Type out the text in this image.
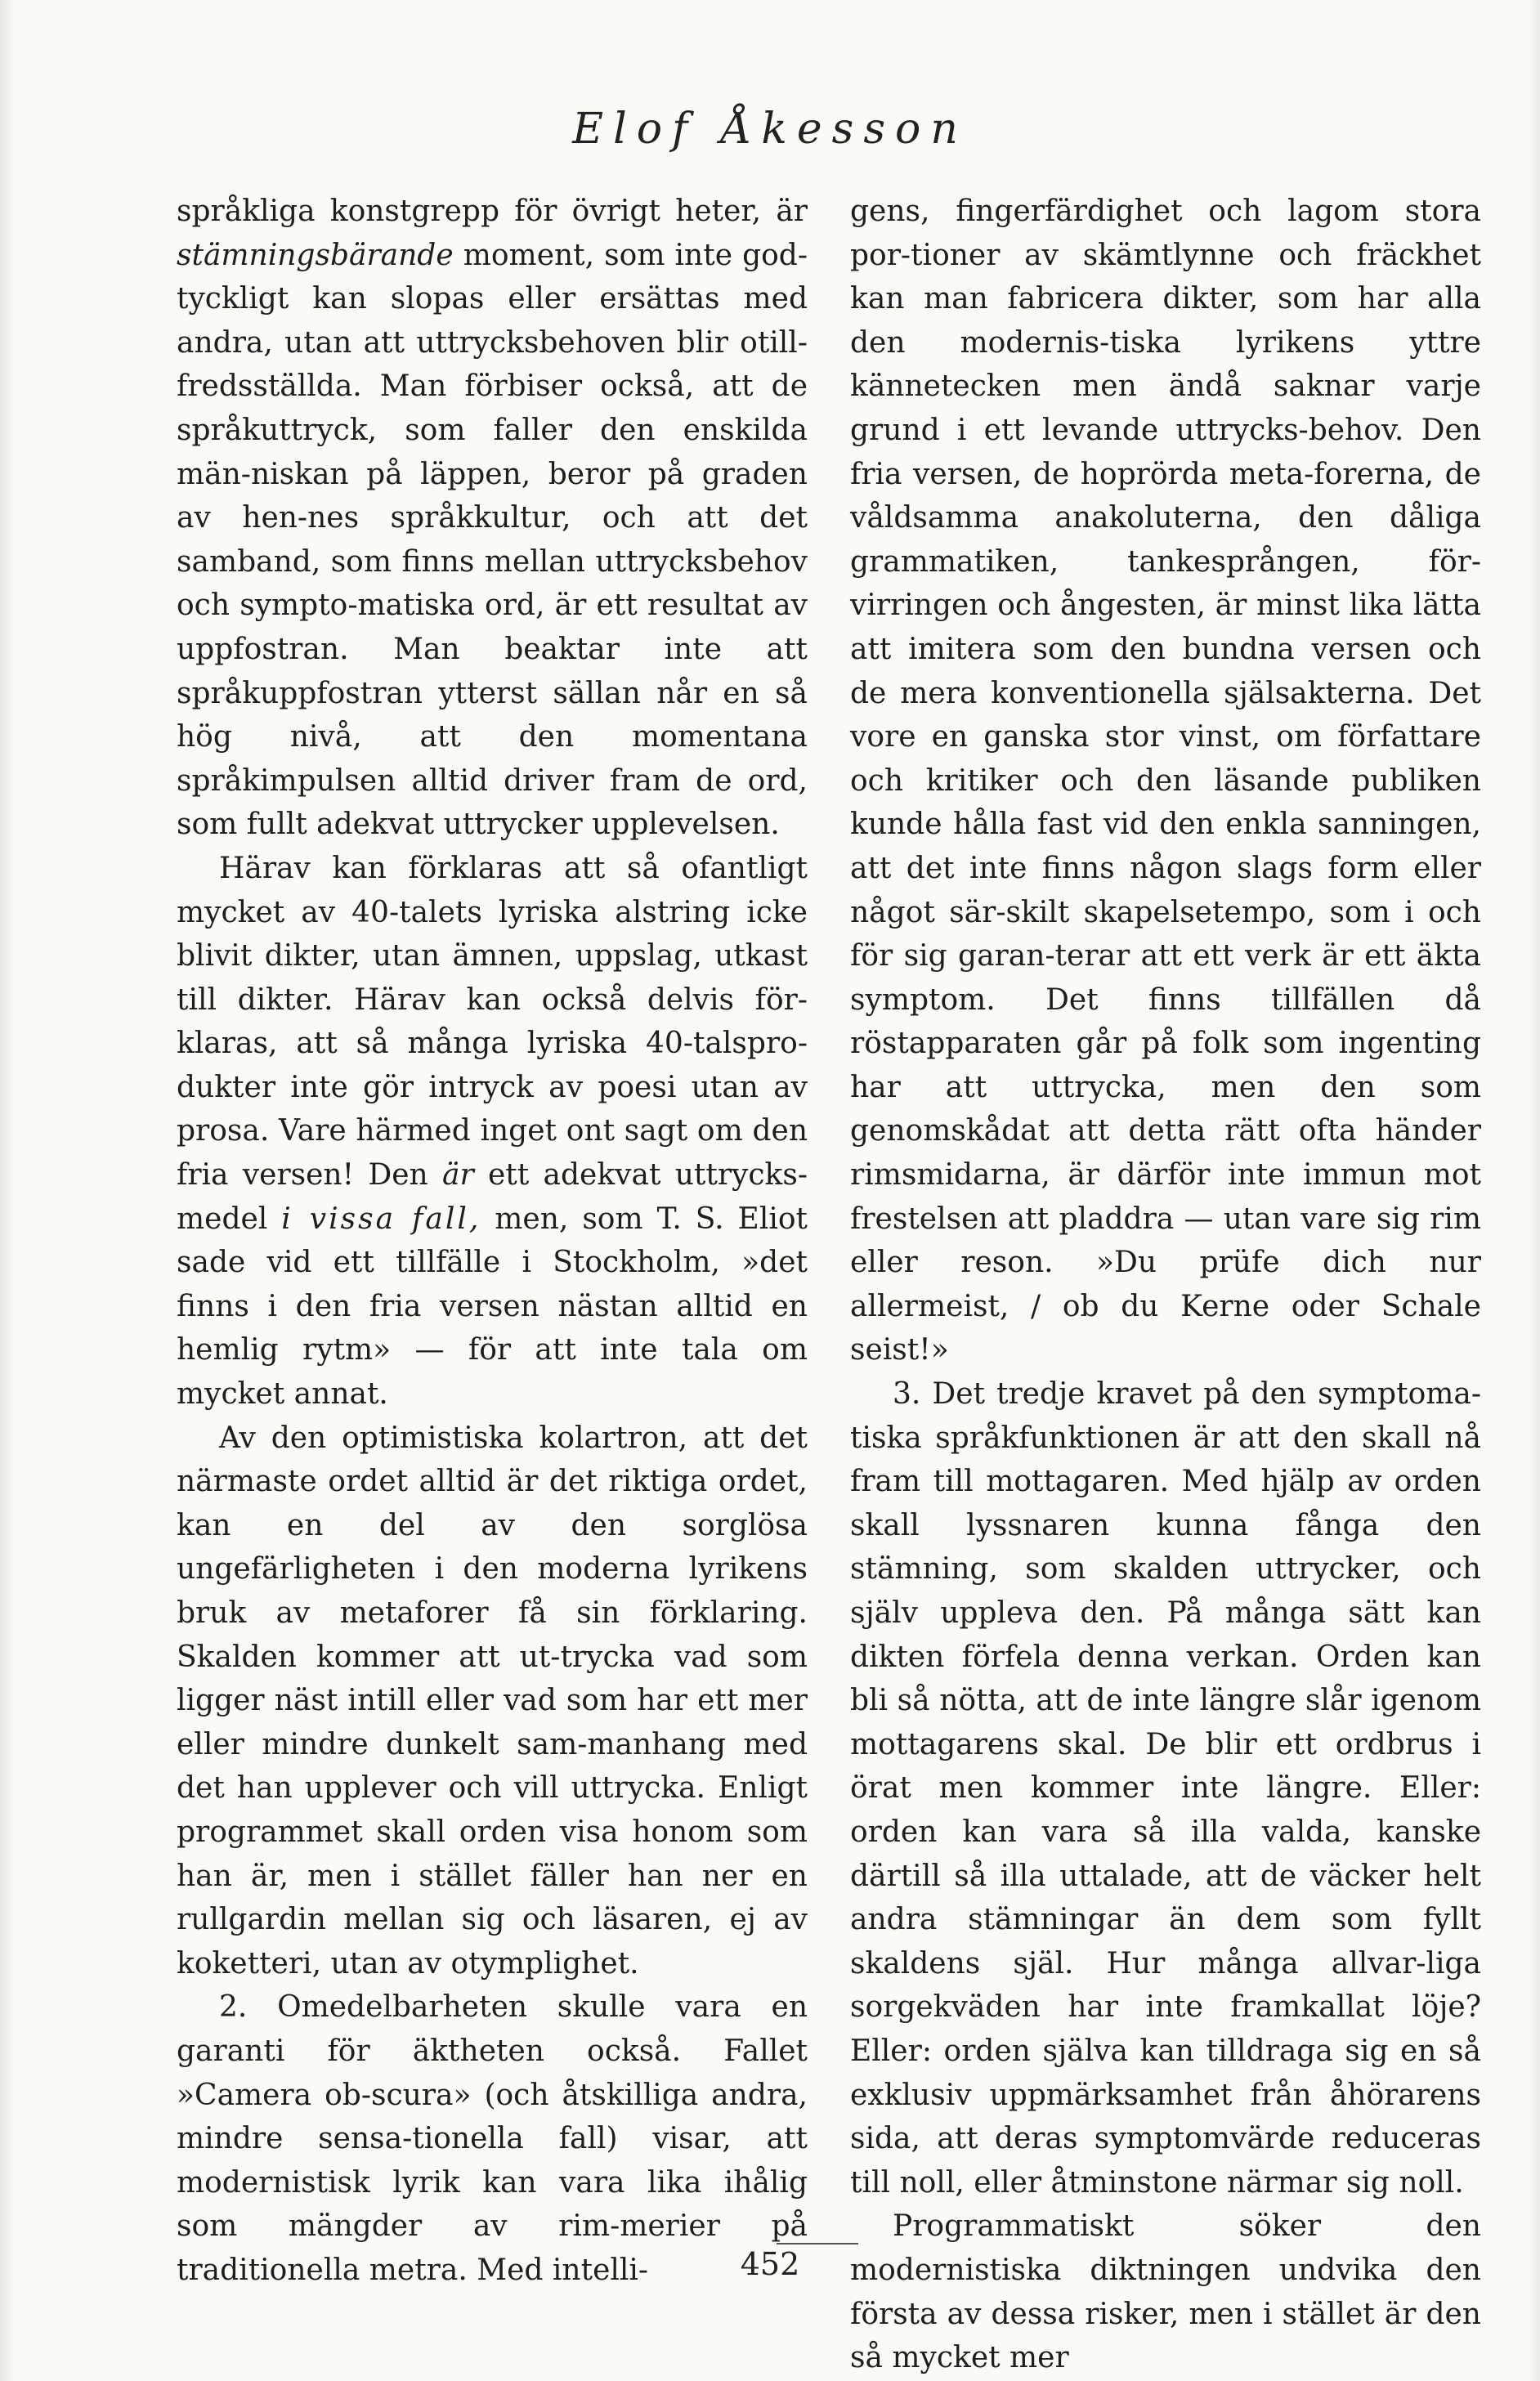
Elof Åkesson

språkliga konstgrepp för övrigt heter, är stämningsbärande moment, som inte god-tyckligt kan slopas eller ersättas med andra, utan att uttrycksbehoven blir otill-fredsställda. Man förbiser också, att de språkuttryck, som faller den enskilda män-niskan på läppen, beror på graden av hen-nes språkkultur, och att det samband, som finns mellan uttrycksbehov och sympto-matiska ord, är ett resultat av uppfostran. Man beaktar inte att språkuppfostran ytterst sällan når en så hög nivå, att den momentana språkimpulsen alltid driver fram de ord, som fullt adekvat uttrycker upplevelsen.

Härav kan förklaras att så ofantligt mycket av 40-talets lyriska alstring icke blivit dikter, utan ämnen, uppslag, utkast till dikter. Härav kan också delvis för-klaras, att så många lyriska 40-talspro-dukter inte gör intryck av poesi utan av prosa. Vare härmed inget ont sagt om den fria versen! Den är ett adekvat uttrycks-medel i vissa fall, men, som T. S. Eliot sade vid ett tillfälle i Stockholm, »det finns i den fria versen nästan alltid en hemlig rytm» — för att inte tala om mycket annat.

Av den optimistiska kolartron, att det närmaste ordet alltid är det riktiga ordet, kan en del av den sorglösa ungefärligheten i den moderna lyrikens bruk av metaforer få sin förklaring. Skalden kommer att ut-trycka vad som ligger näst intill eller vad som har ett mer eller mindre dunkelt sam-manhang med det han upplever och vill uttrycka. Enligt programmet skall orden visa honom som han är, men i stället fäller han ner en rullgardin mellan sig och läsaren, ej av koketteri, utan av otymplighet.

2. Omedelbarheten skulle vara en garanti för äktheten också. Fallet »Camera ob-scura» (och åtskilliga andra, mindre sensa-tionella fall) visar, att modernistisk lyrik kan vara lika ihålig som mängder av rim-merier på traditionella metra. Med intelli-

gens, fingerfärdighet och lagom stora por-tioner av skämtlynne och fräckhet kan man fabricera dikter, som har alla den modernis-tiska lyrikens yttre kännetecken men ändå saknar varje grund i ett levande uttrycks-behov. Den fria versen, de hoprörda meta-forerna, de våldsamma anakoluterna, den dåliga grammatiken, tankesprången, för-virringen och ångesten, är minst lika lätta att imitera som den bundna versen och de mera konventionella själsakterna. Det vore en ganska stor vinst, om författare och kritiker och den läsande publiken kunde hålla fast vid den enkla sanningen, att det inte finns någon slags form eller något sär-skilt skapelsetempo, som i och för sig garan-terar att ett verk är ett äkta symptom. Det finns tillfällen då röstapparaten går på folk som ingenting har att uttrycka, men den som genomskådat att detta rätt ofta händer rimsmidarna, är därför inte immun mot frestelsen att pladdra — utan vare sig rim eller reson. »Du prüfe dich nur allermeist, / ob du Kerne oder Schale seist!»

3. Det tredje kravet på den symptoma-tiska språkfunktionen är att den skall nå fram till mottagaren. Med hjälp av orden skall lyssnaren kunna fånga den stämning, som skalden uttrycker, och själv uppleva den. På många sätt kan dikten förfela denna verkan. Orden kan bli så nötta, att de inte längre slår igenom mottagarens skal. De blir ett ordbrus i örat men kommer inte längre. Eller: orden kan vara så illa valda, kanske därtill så illa uttalade, att de väcker helt andra stämningar än dem som fyllt skaldens själ. Hur många allvar-liga sorgekväden har inte framkallat löje? Eller: orden själva kan tilldraga sig en så exklusiv uppmärksamhet från åhörarens sida, att deras symptomvärde reduceras till noll, eller åtminstone närmar sig noll.

Programmatiskt söker den modernistiska diktningen undvika den första av dessa risker, men i stället är den så mycket mer

452
